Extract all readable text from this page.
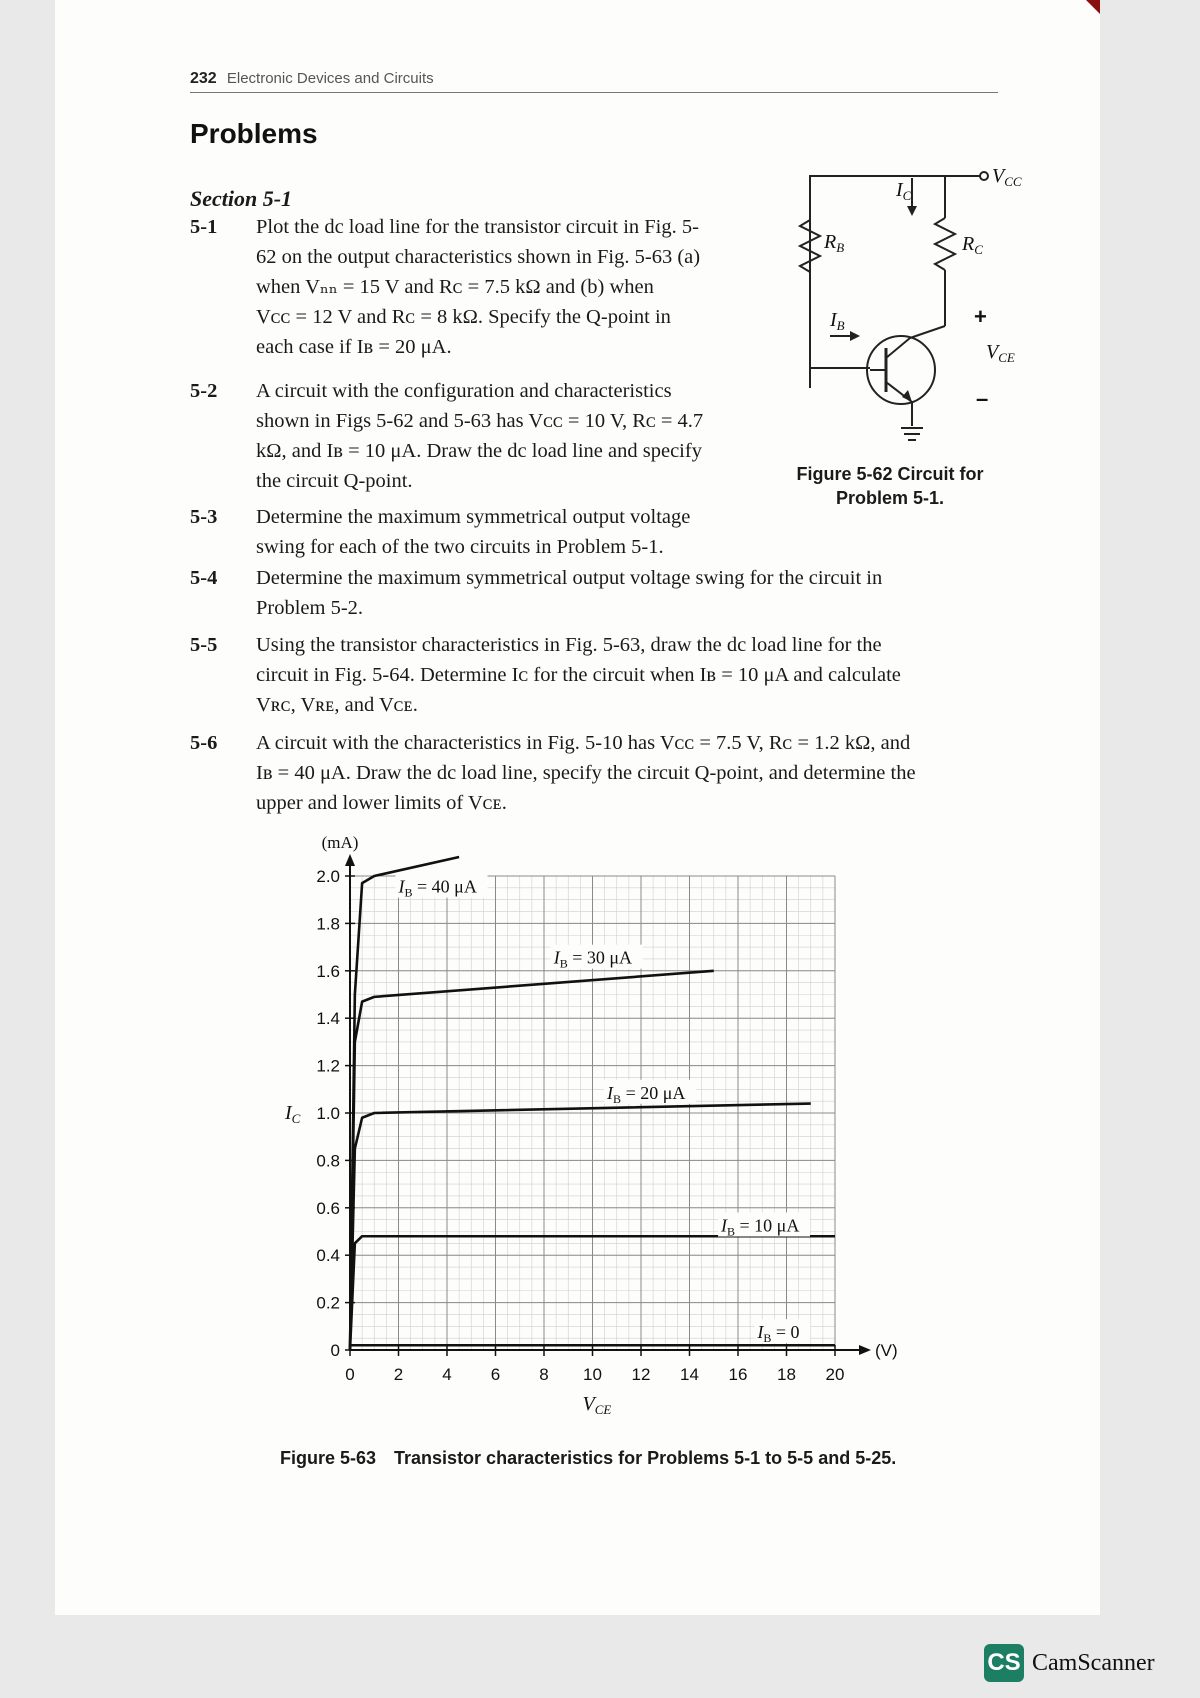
232 Electronic Devices and Circuits
Problems
Section 5-1
5-1 Plot the dc load line for the transistor circuit in Fig. 5-
62 on the output characteristics shown in Fig. 5-63 (a)
when Vₙₙ = 15 V and Rᴄ = 7.5 kΩ and (b) when
Vᴄᴄ = 12 V and Rᴄ = 8 kΩ. Specify the Q-point in
each case if Iʙ = 20 μA.
5-2 A circuit with the configuration and characteristics
shown in Figs 5-62 and 5-63 has Vᴄᴄ = 10 V, Rᴄ = 4.7
kΩ, and Iʙ = 10 μA. Draw the dc load line and specify
the circuit Q-point.
5-3 Determine the maximum symmetrical output voltage
swing for each of the two circuits in Problem 5-1.
5-4 Determine the maximum symmetrical output voltage swing for the circuit in
Problem 5-2.
5-5 Using the transistor characteristics in Fig. 5-63, draw the dc load line for the
circuit in Fig. 5-64. Determine Iᴄ for the circuit when Iʙ = 10 μA and calculate
Vʀᴄ, Vʀᴇ, and Vᴄᴇ.
5-6 A circuit with the characteristics in Fig. 5-10 has Vᴄᴄ = 7.5 V, Rᴄ = 1.2 kΩ, and
Iʙ = 40 μA. Draw the dc load line, specify the circuit Q-point, and determine the
upper and lower limits of Vᴄᴇ.
$V_{CC}$
$I_C$
$R_B$	$R_C$
$I_B$
$V_{CE}$
+
–
Figure 5-62 Circuit for Problem 5-1.
0 2 4 6 8 10 12 14 16 18 20
0
0.2
0.4
0.6
0.8
1.0
1.2
1.4
1.6
1.8
2.0
(mA)
(V)
$I_C$
$V_{CE}$
$I_B = 40$ μA
$I_B = 30$ μA
$I_B = 20$ μA
$I_B = 10$ μA
$I_B = 0$
Figure 5-63 Transistor characteristics for Problems 5-1 to 5-5 and 5-25.
CS CamScanner
